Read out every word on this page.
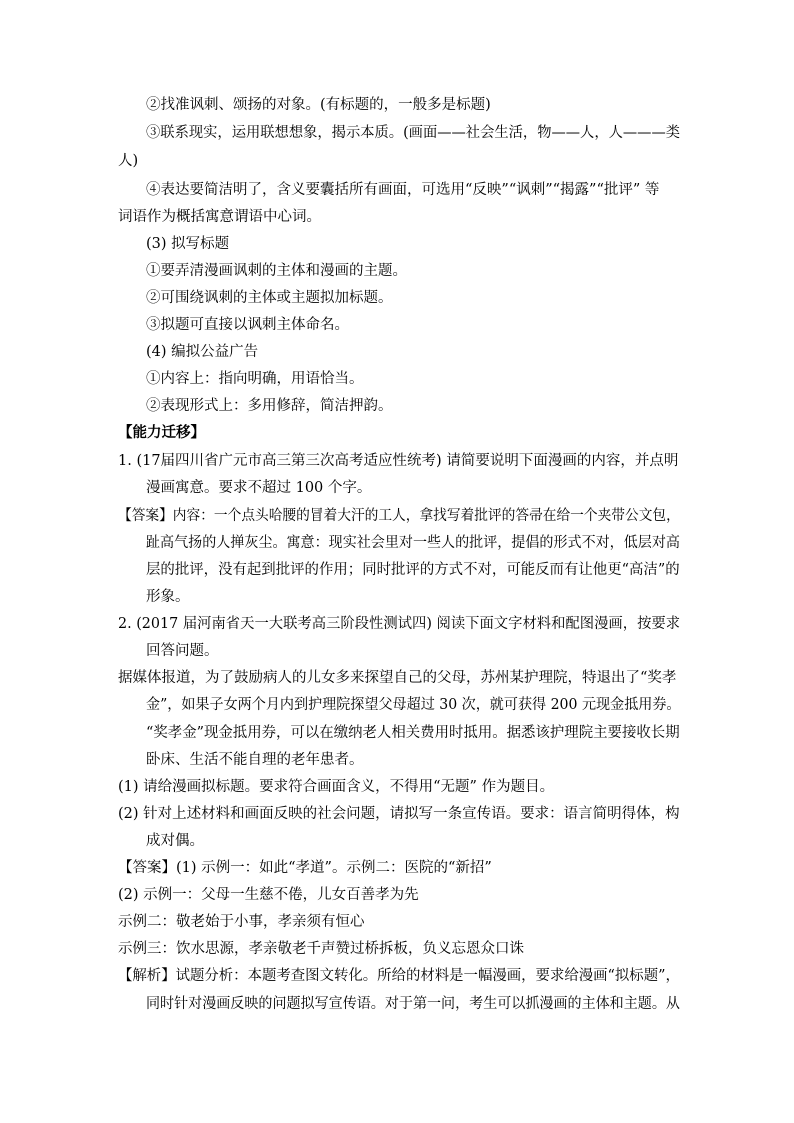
②找准讽刺、颂扬的对象。(有标题的，一般多是标题)
③联系现实，运用联想想象，揭示本质。(画面——社会生活，物——人，人———类
人)
④表达要简洁明了，含义要囊括所有画面，可选用“反映”“讽刺”“揭露”“批评” 等
词语作为概括寓意谓语中心词。
(3) 拟写标题
①要弄清漫画讽刺的主体和漫画的主题。
②可围绕讽刺的主体或主题拟加标题。
③拟题可直接以讽刺主体命名。
(4) 编拟公益广告
①内容上：指向明确，用语恰当。
②表现形式上：多用修辞，简洁押韵。
【能力迁移】
1. (17届四川省广元市高三第三次高考适应性统考) 请简要说明下面漫画的内容，并点明
漫画寓意。要求不超过 100 个字。
【答案】内容：一个点头哈腰的冒着大汗的工人，拿找写着批评的答帚在给一个夹带公文包，
趾高气扬的人掸灰尘。寓意：现实社会里对一些人的批评，提倡的形式不对，低层对高
层的批评，没有起到批评的作用；同时批评的方式不对，可能反而有让他更“高洁”的
形象。
2. (2017 届河南省天一大联考高三阶段性测试四) 阅读下面文字材料和配图漫画，按要求
回答问题。
据媒体报道，为了鼓励病人的儿女多来探望自己的父母，苏州某护理院，特退出了“奖孝
金”，如果子女两个月内到护理院探望父母超过 30 次，就可获得 200 元现金抵用券。
“奖孝金”现金抵用券，可以在缴纳老人相关费用时抵用。据悉该护理院主要接收长期
卧床、生活不能自理的老年患者。
(1) 请给漫画拟标题。要求符合画面含义，不得用“无题” 作为题目。
(2) 针对上述材料和画面反映的社会问题，请拟写一条宣传语。要求：语言简明得体，构
成对偶。
【答案】(1) 示例一：如此“孝道”。示例二：医院的“新招”
(2) 示例一：父母一生慈不倦，儿女百善孝为先
示例二：敬老始于小事，孝亲须有恒心
示例三：饮水思源，孝亲敬老千声赞过桥拆板，负义忘恩众口诛
【解析】试题分析：本题考查图文转化。所给的材料是一幅漫画，要求给漫画“拟标题”，
同时针对漫画反映的问题拟写宣传语。对于第一问，考生可以抓漫画的主体和主题。从
